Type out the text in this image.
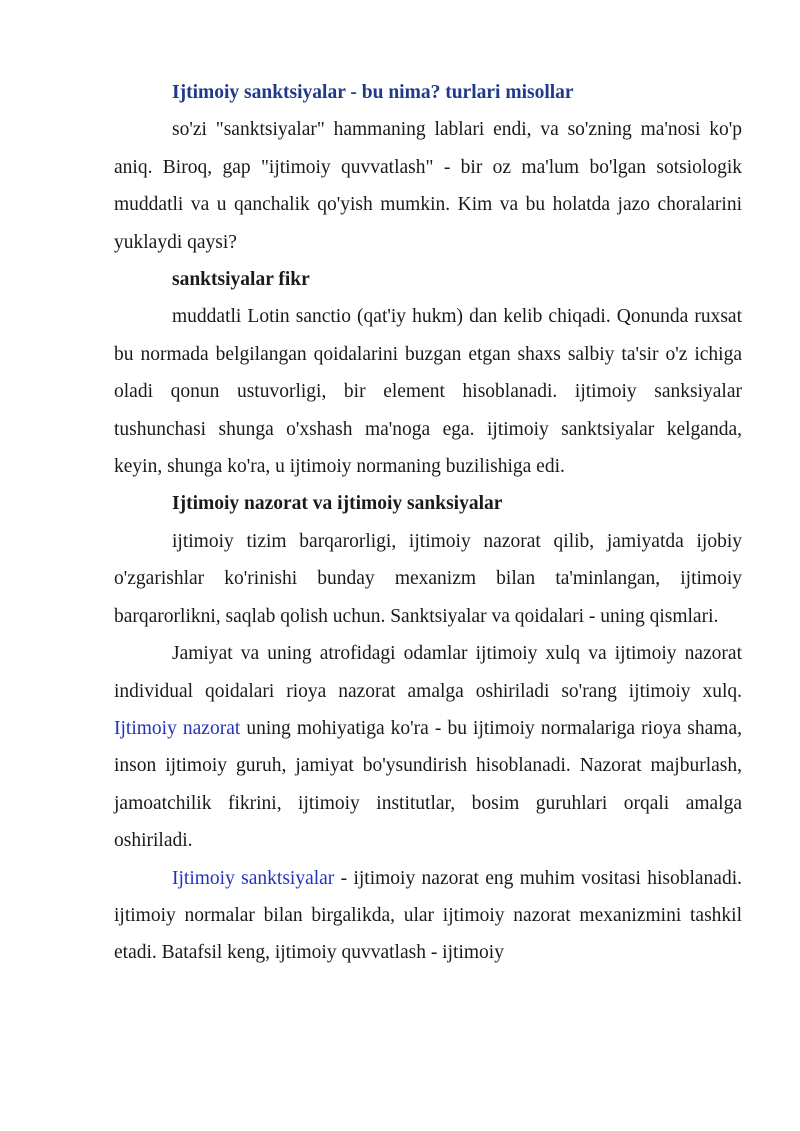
Ijtimoiy sanktsiyalar - bu nima? turlari misollar

so'zi "sanktsiyalar" hammaning lablari endi, va so'zning ma'nosi ko'p aniq. Biroq, gap "ijtimoiy quvvatlash" - bir oz ma'lum bo'lgan sotsiologik muddatli va u qanchalik qo'yish mumkin. Kim va bu holatda jazo choralarini yuklaydi qaysi?

sanktsiyalar fikr

muddatli Lotin sanctio (qat'iy hukm) dan kelib chiqadi. Qonunda ruxsat bu normada belgilangan qoidalarini buzgan etgan shaxs salbiy ta'sir o'z ichiga oladi qonun ustuvorligi, bir element hisoblanadi. ijtimoiy sanksiyalar tushunchasi shunga o'xshash ma'noga ega. ijtimoiy sanktsiyalar kelganda, keyin, shunga ko'ra, u ijtimoiy normaning buzilishiga edi.

Ijtimoiy nazorat va ijtimoiy sanksiyalar

ijtimoiy tizim barqarorligi, ijtimoiy nazorat qilib, jamiyatda ijobiy o'zgarishlar ko'rinishi bunday mexanizm bilan ta'minlangan, ijtimoiy barqarorlikni, saqlab qolish uchun. Sanktsiyalar va qoidalari - uning qismlari.

Jamiyat va uning atrofidagi odamlar ijtimoiy xulq va ijtimoiy nazorat individual qoidalari rioya nazorat amalga oshiriladi so'rang ijtimoiy xulq. Ijtimoiy nazorat uning mohiyatiga ko'ra - bu ijtimoiy normalariga rioya shama, inson ijtimoiy guruh, jamiyat bo'ysundirish hisoblanadi. Nazorat majburlash, jamoatchilik fikrini, ijtimoiy institutlar, bosim guruhlari orqali amalga oshiriladi.

Ijtimoiy sanktsiyalar - ijtimoiy nazorat eng muhim vositasi hisoblanadi. ijtimoiy normalar bilan birgalikda, ular ijtimoiy nazorat mexanizmini tashkil etadi. Batafsil keng, ijtimoiy quvvatlash - ijtimoiy
